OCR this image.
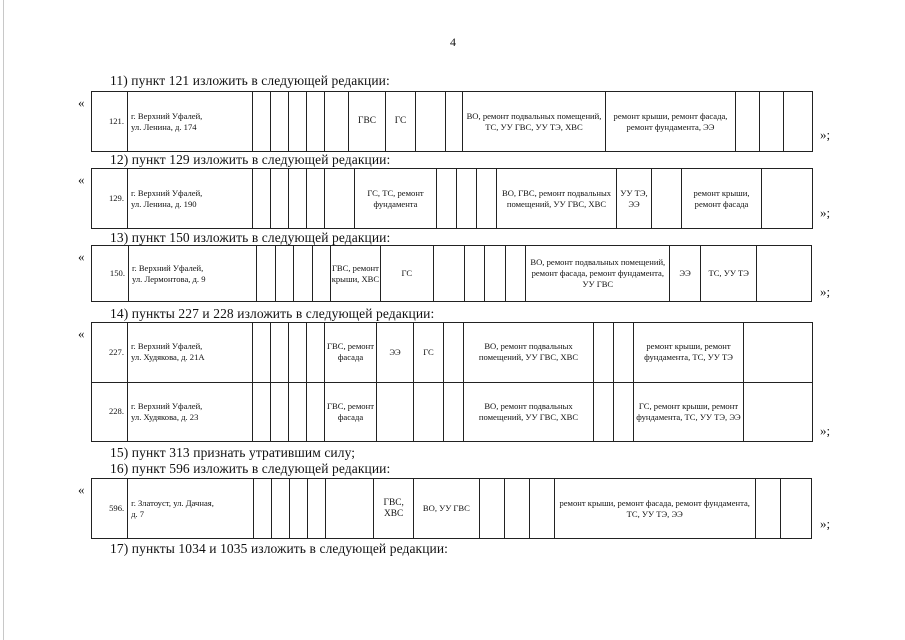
4
11) пункт 121 изложить в следующей редакции:
«
121.	г. Верхний Уфалей,
ул. Ленина, д. 174						ГВС	ГС			ВО, ремонт подвальных помещений, ТС, УУ ГВС, УУ ТЭ, ХВС	ремонт крыши, ремонт фасада, ремонт фундамента, ЭЭ			
»;
12) пункт 129 изложить в следующей редакции:
«
129.	г. Верхний Уфалей,
ул. Ленина, д. 190						ГС, ТС, ремонт фундамента				ВО, ГВС, ремонт подвальных помещений, УУ ГВС, ХВС	УУ ТЭ, ЭЭ		ремонт крыши, ремонт фасада	
»;
13) пункт 150 изложить в следующей редакции:
«
150.	г. Верхний Уфалей,
ул. Лермонтова, д. 9					ГВС, ремонт крыши, ХВС	ГС					ВО, ремонт подвальных помещений, ремонт фасада, ремонт фундамента, УУ ГВС	ЭЭ	ТС, УУ ТЭ	
»;
14) пункты 227 и 228 изложить в следующей редакции:
«
227.	г. Верхний Уфалей,
ул. Худякова, д. 21А					ГВС, ремонт фасада	ЭЭ	ГС		ВО, ремонт подвальных помещений, УУ ГВС, ХВС			ремонт крыши, ремонт фундамента, ТС, УУ ТЭ	
228.	г. Верхний Уфалей,
ул. Худякова, д. 23					ГВС, ремонт фасада				ВО, ремонт подвальных помещений, УУ ГВС, ХВС			ГС, ремонт крыши, ремонт фундамента, ТС, УУ ТЭ, ЭЭ	
»;
15) пункт 313 признать утратившим силу;
16) пункт 596 изложить в следующей редакции:
«
596.	г. Златоуст, ул. Дачная,
д. 7						ГВС, ХВС	ВО, УУ ГВС				ремонт крыши, ремонт фасада, ремонт фундамента, ТС, УУ ТЭ, ЭЭ		
»;
17) пункты 1034 и 1035 изложить в следующей редакции:
